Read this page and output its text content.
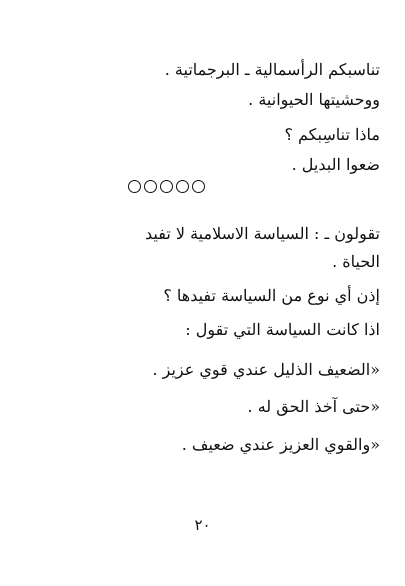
تناسبكم الرأسمالية ـ البرجماتية .
ووحشيتها الحيوانية .
ماذا تناسِبكم ؟
ضعوا البديل .
تقولون ـ : السياسة الاسلامية لا تفيد
الحياة .
إذن أي نوع من السياسة تفيدها ؟
اذا كانت السياسة التي تقول :
«الضعيف الذليل عندي قوي عزيز .
«حتى آخذ الحق له .
«والقوي العزيز عندي ضعيف .
٢٠
